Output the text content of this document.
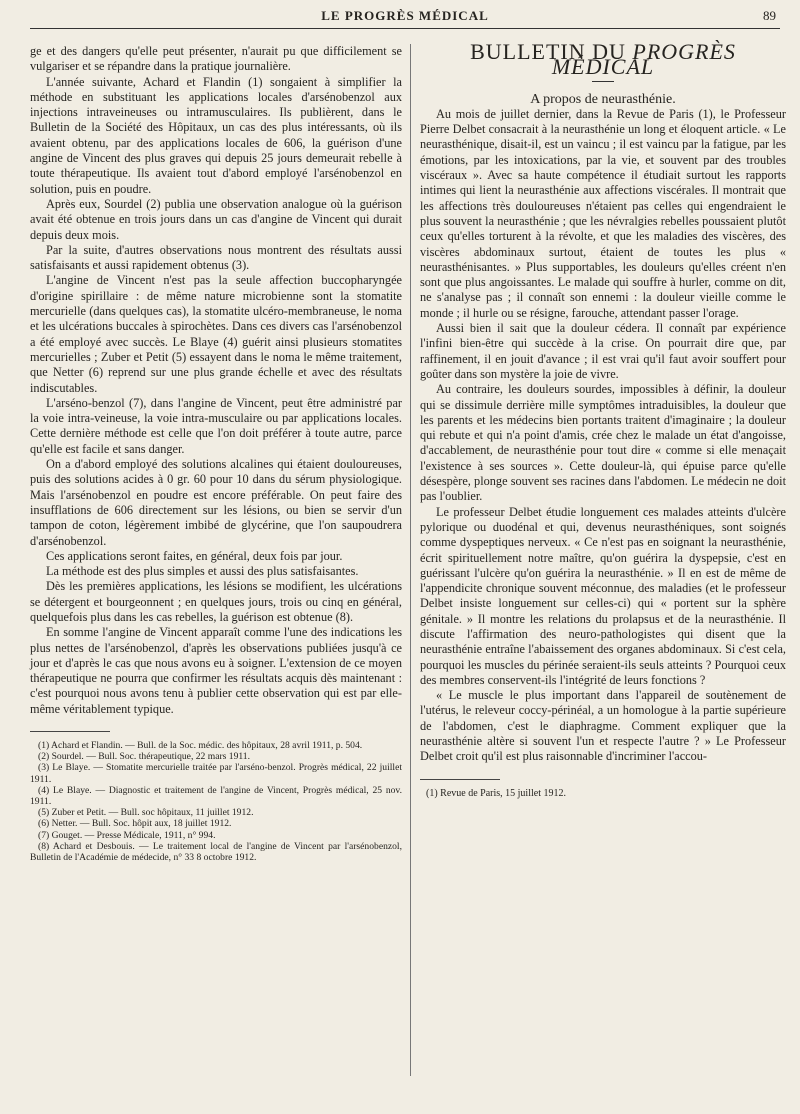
LE PROGRÈS MÉDICAL	89

ge et des dangers qu'elle peut présenter, n'aurait pu que difficilement se vulgariser et se répandre dans la pratique journalière.

L'année suivante, Achard et Flandin (1) songaient à simplifier la méthode en substituant les applications locales d'arsénobenzol aux injections intraveineuses ou intramusculaires. Ils publièrent, dans le Bulletin de la Société des Hôpitaux, un cas des plus intéressants, où ils avaient obtenu, par des applications locales de 606, la guérison d'une angine de Vincent des plus graves qui depuis 25 jours demeurait rebelle à toute thérapeutique. Ils avaient tout d'abord employé l'arsénobenzol en solution, puis en poudre.

Après eux, Sourdel (2) publia une observation analogue où la guérison avait été obtenue en trois jours dans un cas d'angine de Vincent qui durait depuis deux mois.

Par la suite, d'autres observations nous montrent des résultats aussi satisfaisants et aussi rapidement obtenus (3).

L'angine de Vincent n'est pas la seule affection buccopharyngée d'origine spirillaire : de même nature microbienne sont la stomatite mercurielle (dans quelques cas), la stomatite ulcéro-membraneuse, le noma et les ulcérations buccales à spirochètes. Dans ces divers cas l'arsénobenzol a été employé avec succès. Le Blaye (4) guérit ainsi plusieurs stomatites mercurielles ; Zuber et Petit (5) essayent dans le noma le même traitement, que Netter (6) reprend sur une plus grande échelle et avec des résultats indiscutables.

L'arséno-benzol (7), dans l'angine de Vincent, peut être administré par la voie intra-veineuse, la voie intra-musculaire ou par applications locales. Cette dernière méthode est celle que l'on doit préférer à toute autre, parce qu'elle est facile et sans danger.

On a d'abord employé des solutions alcalines qui étaient douloureuses, puis des solutions acides à 0 gr. 60 pour 10 dans du sérum physiologique. Mais l'arsénobenzol en poudre est encore préférable. On peut faire des insufflations de 606 directement sur les lésions, ou bien se servir d'un tampon de coton, légèrement imbibé de glycérine, que l'on saupoudrera d'arsénobenzol.

Ces applications seront faites, en général, deux fois par jour.

La méthode est des plus simples et aussi des plus satisfaisantes.

Dès les premières applications, les lésions se modifient, les ulcérations se détergent et bourgeonnent ; en quelques jours, trois ou cinq en général, quelquefois plus dans les cas rebelles, la guérison est obtenue (8).

En somme l'angine de Vincent apparaît comme l'une des indications les plus nettes de l'arsénobenzol, d'après les observations publiées jusqu'à ce jour et d'après le cas que nous avons eu à soigner. L'extension de ce moyen thérapeutique ne pourra que confirmer les résultats acquis dès maintenant : c'est pourquoi nous avons tenu à publier cette observation qui est par elle-même véritablement typique.

(1) Achard et Flandin. — Bull. de la Soc. médic. des hôpitaux, 28 avril 1911, p. 504.

(2) Sourdel. — Bull. Soc. thérapeutique, 22 mars 1911.

(3) Le Blaye. — Stomatite mercurielle traitée par l'arséno-benzol. Progrès médical, 22 juillet 1911.

(4) Le Blaye. — Diagnostic et traitement de l'angine de Vincent, Progrès médical, 25 nov. 1911.

(5) Zuber et Petit. — Bull. soc hôpitaux, 11 juillet 1912.

(6) Netter. — Bull. Soc. hôpit aux, 18 juillet 1912.

(7) Gouget. — Presse Médicale, 1911, n° 994.

(8) Achard et Desbouis. — Le traitement local de l'angine de Vincent par l'arsénobenzol, Bulletin de l'Académie de médecide, n° 33 8 octobre 1912.

BULLETIN DU PROGRÈS MÉDICAL

A propos de neurasthénie.

Au mois de juillet dernier, dans la Revue de Paris (1), le Professeur Pierre Delbet consacrait à la neurasthénie un long et éloquent article. « Le neurasthénique, disait-il, est un vaincu ; il est vaincu par la fatigue, par les émotions, par les intoxications, par la vie, et souvent par des troubles viscéraux ». Avec sa haute compétence il étudiait surtout les rapports intimes qui lient la neurasthénie aux affections viscérales. Il montrait que les affections très douloureuses n'étaient pas celles qui engendraient le plus souvent la neurasthénie ; que les névralgies rebelles poussaient plutôt ceux qu'elles torturent à la révolte, et que les maladies des viscères, des viscères abdominaux surtout, étaient de toutes les plus « neurasthénisantes. » Plus supportables, les douleurs qu'elles créent n'en sont que plus angoissantes. Le malade qui souffre à hurler, comme on dit, ne s'analyse pas ; il connaît son ennemi : la douleur vieille comme le monde ; il hurle ou se résigne, farouche, attendant passer l'orage.

Aussi bien il sait que la douleur cédera. Il connaît par expérience l'infini bien-être qui succède à la crise. On pourrait dire que, par raffinement, il en jouit d'avance ; il est vrai qu'il faut avoir souffert pour goûter dans son mystère la joie de vivre.

Au contraire, les douleurs sourdes, impossibles à définir, la douleur qui se dissimule derrière mille symptômes intraduisibles, la douleur que les parents et les médecins bien portants traitent d'imaginaire ; la douleur qui rebute et qui n'a point d'amis, crée chez le malade un état d'angoisse, d'accablement, de neurasthénie pour tout dire « comme si elle menaçait l'existence à ses sources ». Cette douleur-là, qui épuise parce qu'elle désespère, plonge souvent ses racines dans l'abdomen. Le médecin ne doit pas l'oublier.

Le professeur Delbet étudie longuement ces malades atteints d'ulcère pylorique ou duodénal et qui, devenus neurasthéniques, sont soignés comme dyspeptiques nerveux. « Ce n'est pas en soignant la neurasthénie, écrit spirituellement notre maître, qu'on guérira la dyspepsie, c'est en guérissant l'ulcère qu'on guérira la neurasthénie. » Il en est de même de l'appendicite chronique souvent méconnue, des maladies (et le professeur Delbet insiste longuement sur celles-ci) qui « portent sur la sphère génitale. » Il montre les relations du prolapsus et de la neurasthénie. Il discute l'affirmation des neuro-pathologistes qui disent que la neurasthénie entraîne l'abaissement des organes abdominaux. Si c'est cela, pourquoi les muscles du périnée seraient-ils seuls atteints ? Pourquoi ceux des membres conservent-ils l'intégrité de leurs fonctions ?

« Le muscle le plus important dans l'appareil de soutènement de l'utérus, le releveur coccy-périnéal, a un homologue à la partie supérieure de l'abdomen, c'est le diaphragme. Comment expliquer que la neurasthénie altère si souvent l'un et respecte l'autre ? » Le Professeur Delbet croit qu'il est plus raisonnable d'incriminer l'accou-

(1) Revue de Paris, 15 juillet 1912.
